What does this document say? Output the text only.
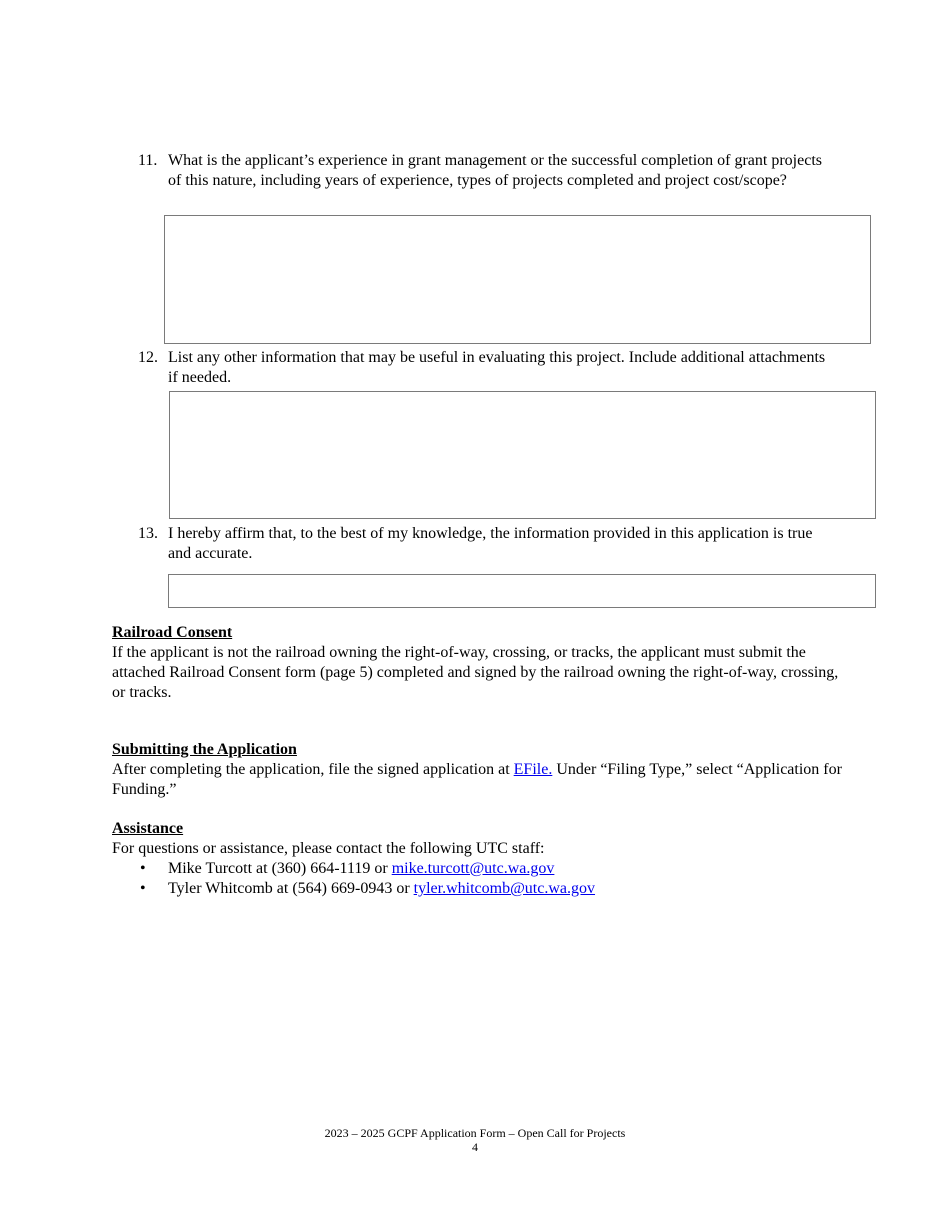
11. What is the applicant’s experience in grant management or the successful completion of grant projects of this nature, including years of experience, types of projects completed and project cost/scope?
12. List any other information that may be useful in evaluating this project. Include additional attachments if needed.
13. I hereby affirm that, to the best of my knowledge, the information provided in this application is true and accurate.
Railroad Consent
If the applicant is not the railroad owning the right-of-way, crossing, or tracks, the applicant must submit the attached Railroad Consent form (page 5) completed and signed by the railroad owning the right-of-way, crossing, or tracks.
Submitting the Application
After completing the application, file the signed application at EFile. Under “Filing Type,” select “Application for Funding.”
Assistance
For questions or assistance, please contact the following UTC staff:
• Mike Turcott at (360) 664-1119 or mike.turcott@utc.wa.gov
• Tyler Whitcomb at (564) 669-0943 or tyler.whitcomb@utc.wa.gov
2023 – 2025 GCPF Application Form – Open Call for Projects
4
